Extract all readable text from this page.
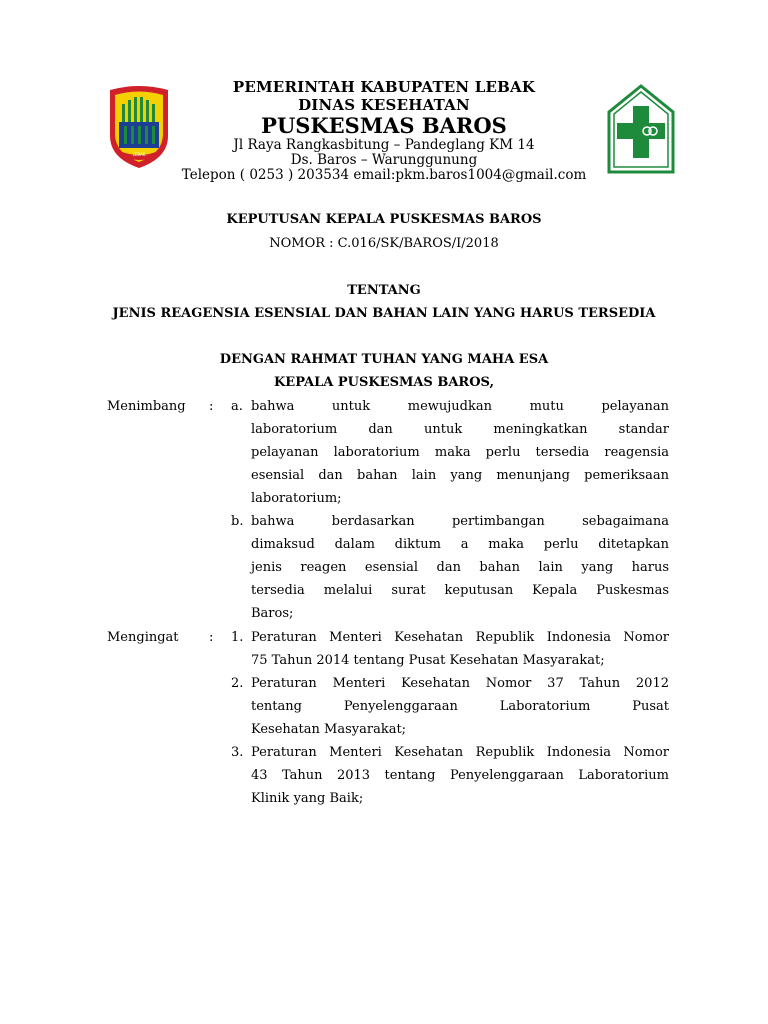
LEBAK
PEMERINTAH KABUPATEN LEBAK
DINAS KESEHATAN
PUSKESMAS BAROS
Jl Raya Rangkasbitung – Pandeglang KM 14
Ds. Baros – Warunggunung
Telepon ( 0253 ) 203534 email:pkm.baros1004@gmail.com
KEPUTUSAN KEPALA PUSKESMAS BAROS
NOMOR : C.016/SK/BAROS/I/2018
TENTANG
JENIS REAGENSIA ESENSIAL DAN BAHAN LAIN YANG HARUS TERSEDIA
DENGAN RAHMAT TUHAN YANG MAHA ESA
KEPALA PUSKESMAS BAROS,
Menimbang : a. bahwa untuk mewujudkan mutu pelayanan
laboratorium dan untuk meningkatkan standar
pelayanan laboratorium maka perlu tersedia reagensia
esensial dan bahan lain yang menunjang pemeriksaan
laboratorium;
b. bahwa berdasarkan pertimbangan sebagaimana
dimaksud dalam diktum a maka perlu ditetapkan
jenis reagen esensial dan bahan lain yang harus
tersedia melalui surat keputusan Kepala Puskesmas
Baros;
Mengingat : 1. Peraturan Menteri Kesehatan Republik Indonesia Nomor
75 Tahun 2014 tentang Pusat Kesehatan Masyarakat;
2. Peraturan Menteri Kesehatan Nomor 37 Tahun 2012
tentang Penyelenggaraan Laboratorium Pusat
Kesehatan Masyarakat;
3. Peraturan Menteri Kesehatan Republik Indonesia Nomor
43 Tahun 2013 tentang Penyelenggaraan Laboratorium
Klinik yang Baik;
